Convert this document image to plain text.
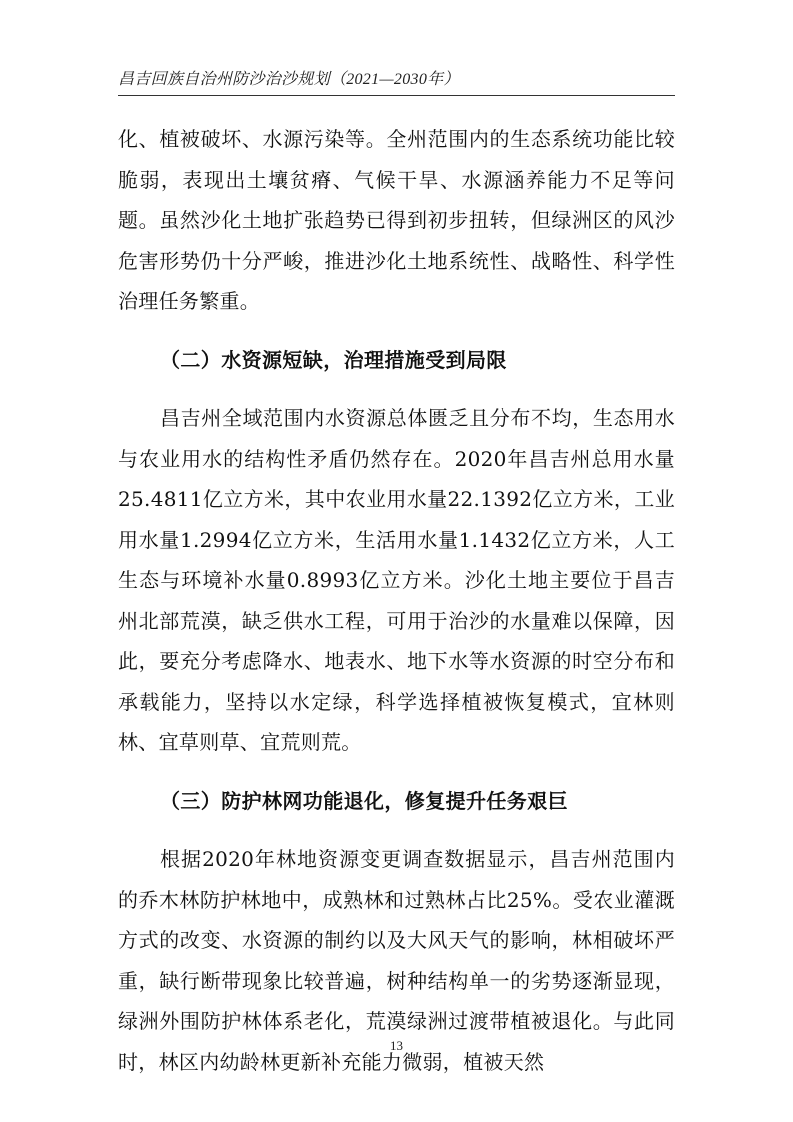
昌吉回族自治州防沙治沙规划（2021—2030年）

化、植被破坏、水源污染等。全州范围内的生态系统功能比较脆弱，表现出土壤贫瘠、气候干旱、水源涵养能力不足等问题。虽然沙化土地扩张趋势已得到初步扭转，但绿洲区的风沙危害形势仍十分严峻，推进沙化土地系统性、战略性、科学性治理任务繁重。

（二）水资源短缺，治理措施受到局限

昌吉州全域范围内水资源总体匮乏且分布不均，生态用水与农业用水的结构性矛盾仍然存在。2020年昌吉州总用水量25.4811亿立方米，其中农业用水量22.1392亿立方米，工业用水量1.2994亿立方米，生活用水量1.1432亿立方米，人工生态与环境补水量0.8993亿立方米。沙化土地主要位于昌吉州北部荒漠，缺乏供水工程，可用于治沙的水量难以保障，因此，要充分考虑降水、地表水、地下水等水资源的时空分布和承载能力，坚持以水定绿，科学选择植被恢复模式，宜林则林、宜草则草、宜荒则荒。

（三）防护林网功能退化，修复提升任务艰巨

根据2020年林地资源变更调查数据显示，昌吉州范围内的乔木林防护林地中，成熟林和过熟林占比25%。受农业灌溉方式的改变、水资源的制约以及大风天气的影响，林相破坏严重，缺行断带现象比较普遍，树种结构单一的劣势逐渐显现，绿洲外围防护林体系老化，荒漠绿洲过渡带植被退化。与此同时，林区内幼龄林更新补充能力微弱，植被天然

13
